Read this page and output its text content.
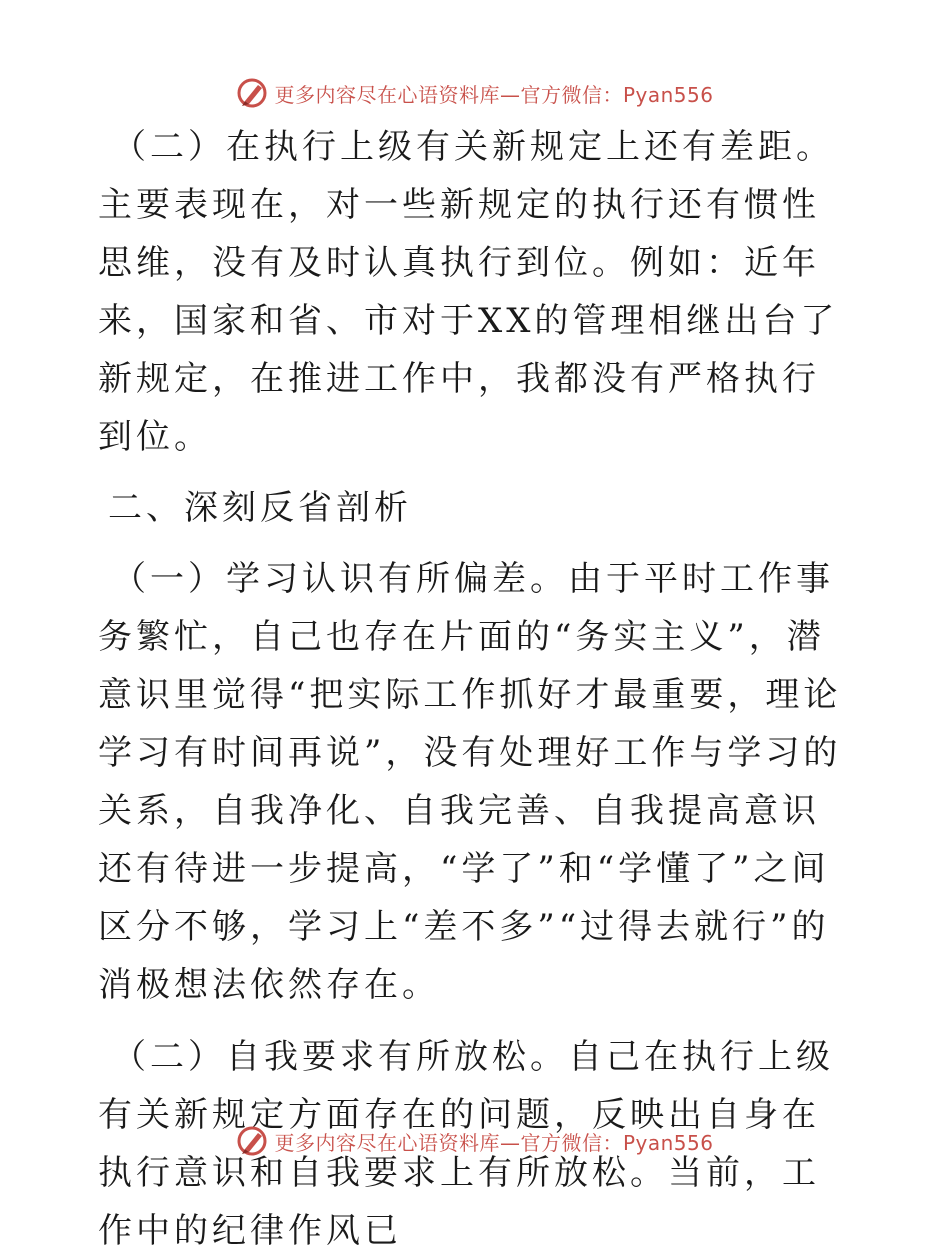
更多内容尽在心语资料库—官方微信：Pyan556

（二）在执行上级有关新规定上还有差距。主要表现在，对一些新规定的执行还有惯性思维，没有及时认真执行到位。例如：近年来，国家和省、市对于XX的管理相继出台了新规定，在推进工作中，我都没有严格执行到位。

二、深刻反省剖析

（一）学习认识有所偏差。由于平时工作事务繁忙，自己也存在片面的“务实主义”，潜意识里觉得“把实际工作抓好才最重要，理论学习有时间再说”，没有处理好工作与学习的关系，自我净化、自我完善、自我提高意识还有待进一步提高，“学了”和“学懂了”之间区分不够，学习上“差不多”“过得去就行”的消极想法依然存在。

（二）自我要求有所放松。自己在执行上级有关新规定方面存在的问题，反映出自身在执行意识和自我要求上有所放松。当前，工作中的纪律作风已

更多内容尽在心语资料库—官方微信：Pyan556
